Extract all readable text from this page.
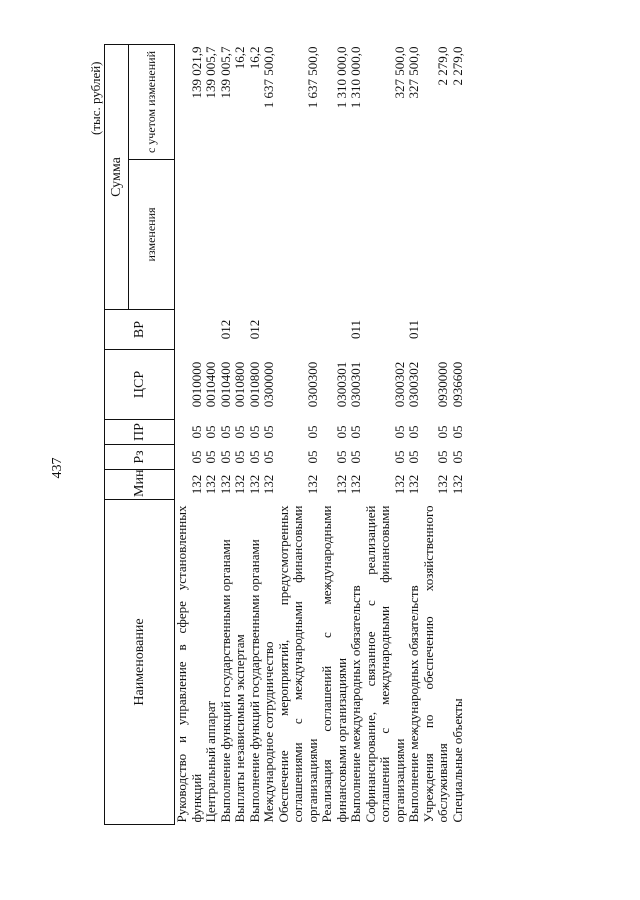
437
(тыс. рублей)
Наименование	Мин	Рз	ПР	ЦСР	ВР	Сумма	
						изменения	с учетом изменений
Руководство и управление в сфере установленных функций	132	05	05	0010000			139 021,9
Центральный аппарат	132	05	05	0010400			139 005,7
Выполнение функций государственными органами	132	05	05	0010400	012		139 005,7
Выплаты независимым экспертам	132	05	05	0010800			16,2
Выполнение функций государственными органами	132	05	05	0010800	012		16,2
Международное сотрудничество	132	05	05	0300000			1 637 500,0
Обеспечение мероприятий, предусмотренных соглашениями с международными финансовыми организациями	132	05	05	0300300			1 637 500,0
Реализация соглашений с международными финансовыми организациями	132	05	05	0300301			1 310 000,0
Выполнение международных обязательств	132	05	05	0300301	011		1 310 000,0
Софинансирование, связанное с реализацией соглашений с международными финансовыми организациями	132	05	05	0300302			327 500,0
Выполнение международных обязательств	132	05	05	0300302	011		327 500,0
Учреждения по обеспечению хозяйственного обслуживания	132	05	05	0930000			2 279,0
Специальные объекты	132	05	05	0936600			2 279,0
